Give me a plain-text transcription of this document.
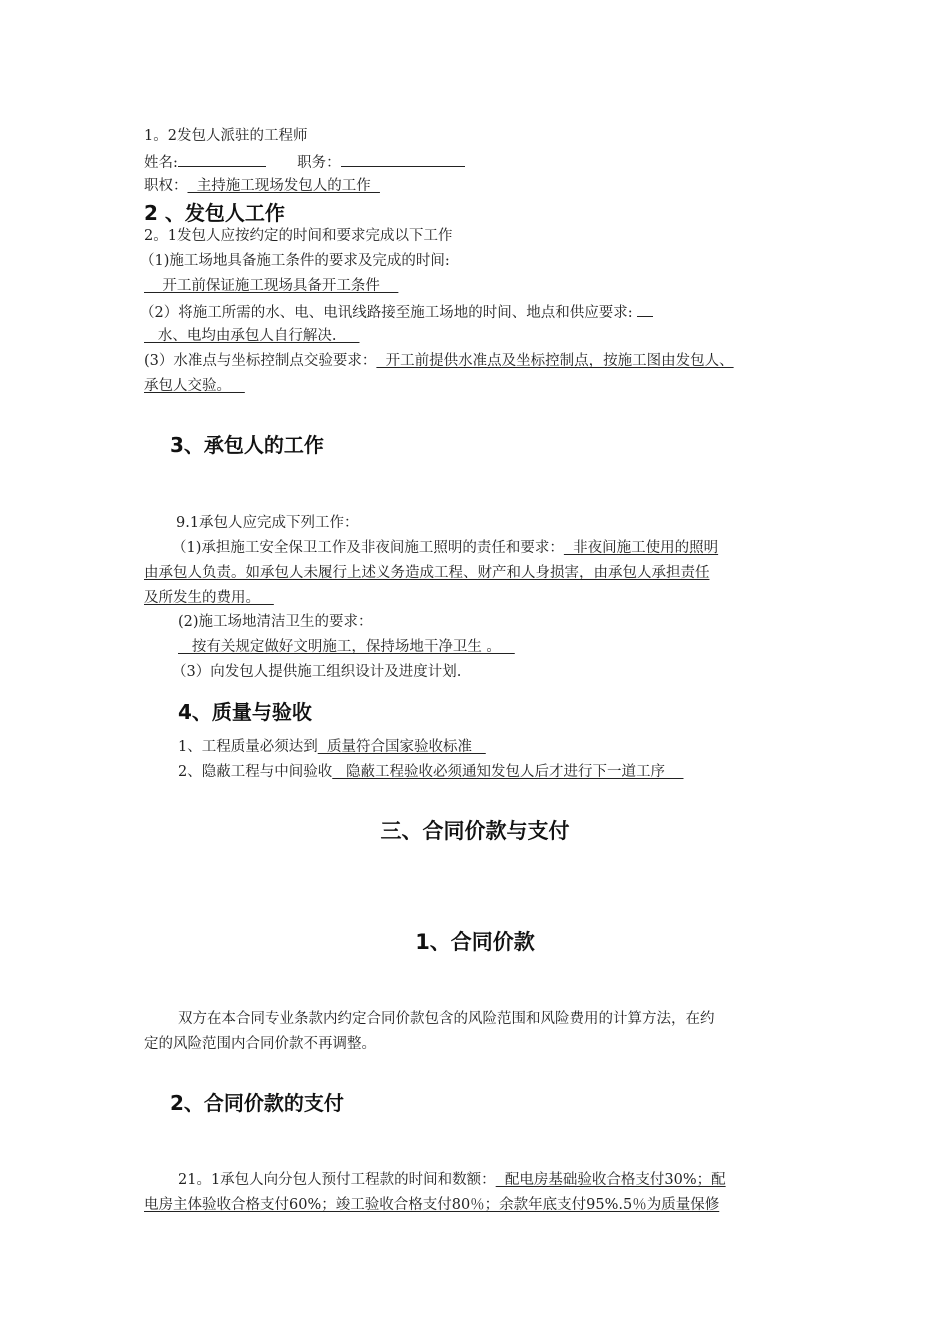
1。2发包人派驻的工程师
姓名:	职务：
职权：  主持施工现场发包人的工作
2 、发包人工作
2。1发包人应按约定的时间和要求完成以下工作
（1)施工场地具备施工条件的要求及完成的时间:
开工前保证施工现场具备开工条件
（2）将施工所需的水、电、电讯线路接至施工场地的时间、地点和供应要求:
水、电均由承包人自行解决.
(3）水准点与坐标控制点交验要求：  开工前提供水准点及坐标控制点，按施工图由发包人、
承包人交验。
3、承包人的工作
9.1承包人应完成下列工作：
（1)承担施工安全保卫工作及非夜间施工照明的责任和要求：  非夜间施工使用的照明
由承包人负责。如承包人未履行上述义务造成工程、财产和人身损害，由承包人承担责任
及所发生的费用。
(2)施工场地清洁卫生的要求：
按有关规定做好文明施工，保持场地干净卫生 。
（3）向发包人提供施工组织设计及进度计划.
4、质量与验收
1、工程质量必须达到  质量符合国家验收标准
2、隐蔽工程与中间验收   隐蔽工程验收必须通知发包人后才进行下一道工序
三、合同价款与支付
1、合同价款
双方在本合同专业条款内约定合同价款包含的风险范围和风险费用的计算方法，在约
定的风险范围内合同价款不再调整。
2、合同价款的支付
21。1承包人向分包人预付工程款的时间和数额：  配电房基础验收合格支付30%；配
电房主体验收合格支付60%；竣工验收合格支付80％；余款年底支付95%.5％为质量保修
